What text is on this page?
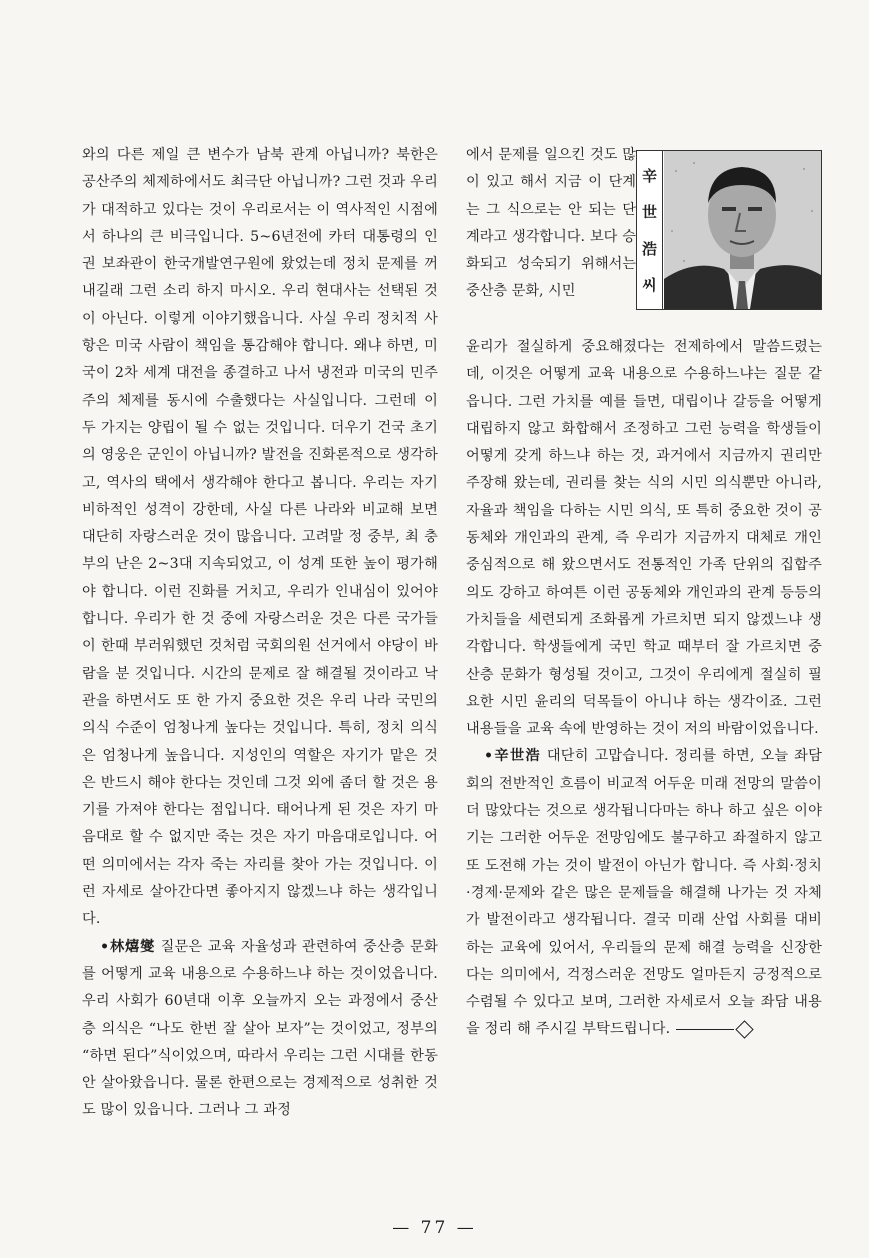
와의 다른 제일 큰 변수가 남북 관계 아닙니까? 북한은 공산주의 체제하에서도 최극단 아닙니까? 그런 것과 우리가 대적하고 있다는 것이 우리로서는 이 역사적인 시점에서 하나의 큰 비극입니다. 5~6년전에 카터 대통령의 인권 보좌관이 한국개발연구원에 왔었는데 정치 문제를 꺼내길래 그런 소리 하지 마시오. 우리 현대사는 선택된 것이 아닌다. 이렇게 이야기했읍니다. 사실 우리 정치적 사항은 미국 사람이 책임을 통감해야 합니다. 왜냐 하면, 미국이 2차 세계 대전을 종결하고 나서 냉전과 미국의 민주주의 체제를 동시에 수출했다는 사실입니다. 그런데 이 두 가지는 양립이 될 수 없는 것입니다. 더우기 건국 초기의 영웅은 군인이 아닙니까? 발전을 진화론적으로 생각하고, 역사의 택에서 생각해야 한다고 봅니다. 우리는 자기 비하적인 성격이 강한데, 사실 다른 나라와 비교해 보면 대단히 자랑스러운 것이 많읍니다. 고려말 정 중부, 최 충부의 난은 2~3대 지속되었고, 이 성계 또한 높이 평가해야 합니다. 이런 진화를 거치고, 우리가 인내심이 있어야 합니다. 우리가 한 것 중에 자랑스러운 것은 다른 국가들이 한때 부러워했던 것처럼 국회의원 선거에서 야당이 바람을 분 것입니다. 시간의 문제로 잘 해결될 것이라고 낙관을 하면서도 또 한 가지 중요한 것은 우리 나라 국민의 의식 수준이 엄청나게 높다는 것입니다. 특히, 정치 의식은 엄청나게 높읍니다. 지성인의 역할은 자기가 맡은 것은 반드시 해야 한다는 것인데 그것 외에 좀더 할 것은 용기를 가져야 한다는 점입니다. 태어나게 된 것은 자기 마음대로 할 수 없지만 죽는 것은 자기 마음대로입니다. 어떤 의미에서는 각자 죽는 자리를 찾아 가는 것입니다. 이런 자세로 살아간다면 좋아지지 않겠느냐 하는 생각입니다.

•林熺燮 질문은 교육 자율성과 관련하여 중산층 문화를 어떻게 교육 내용으로 수용하느냐 하는 것이었읍니다. 우리 사회가 60년대 이후 오늘까지 오는 과정에서 중산층 의식은 “나도 한번 잘 살아 보자”는 것이었고, 정부의 “하면 된다”식이었으며, 따라서 우리는 그런 시대를 한동안 살아왔읍니다. 물론 한편으로는 경제적으로 성취한 것도 많이 있읍니다. 그러나 그 과정

에서 문제를 일으킨 것도 많이 있고 해서 지금 이 단계는 그 식으로는 안 되는 단계라고 생각합니다. 보다 승화되고 성숙되기 위해서는 중산층 문화, 시민

辛
世
浩
씨

윤리가 절실하게 중요해졌다는 전제하에서 말씀드렸는데, 이것은 어떻게 교육 내용으로 수용하느냐는 질문 같읍니다. 그런 가치를 예를 들면, 대립이나 갈등을 어떻게 대립하지 않고 화합해서 조정하고 그런 능력을 학생들이 어떻게 갖게 하느냐 하는 것, 과거에서 지금까지 권리만 주장해 왔는데, 권리를 찾는 식의 시민 의식뿐만 아니라, 자율과 책임을 다하는 시민 의식, 또 특히 중요한 것이 공동체와 개인과의 관계, 즉 우리가 지금까지 대체로 개인 중심적으로 해 왔으면서도 전통적인 가족 단위의 집합주의도 강하고 하여튼 이런 공동체와 개인과의 관계 등등의 가치들을 세련되게 조화롭게 가르치면 되지 않겠느냐 생각합니다. 학생들에게 국민 학교 때부터 잘 가르치면 중산층 문화가 형성될 것이고, 그것이 우리에게 절실히 필요한 시민 윤리의 덕목들이 아니냐 하는 생각이죠. 그런 내용들을 교육 속에 반영하는 것이 저의 바람이었읍니다.

•辛世浩 대단히 고맙습니다. 정리를 하면, 오늘 좌담회의 전반적인 흐름이 비교적 어두운 미래 전망의 말씀이 더 많았다는 것으로 생각됩니다마는 하나 하고 싶은 이야기는 그러한 어두운 전망임에도 불구하고 좌절하지 않고 또 도전해 가는 것이 발전이 아닌가 합니다. 즉 사회·정치·경제·문제와 같은 많은 문제들을 해결해 나가는 것 자체가 발전이라고 생각됩니다. 결국 미래 산업 사회를 대비하는 교육에 있어서, 우리들의 문제 해결 능력을 신장한다는 의미에서, 걱정스러운 전망도 얼마든지 긍정적으로 수렴될 수 있다고 보며, 그러한 자세로서 오늘 좌담 내용을 정리 해 주시길 부탁드립니다.

— 77 —
